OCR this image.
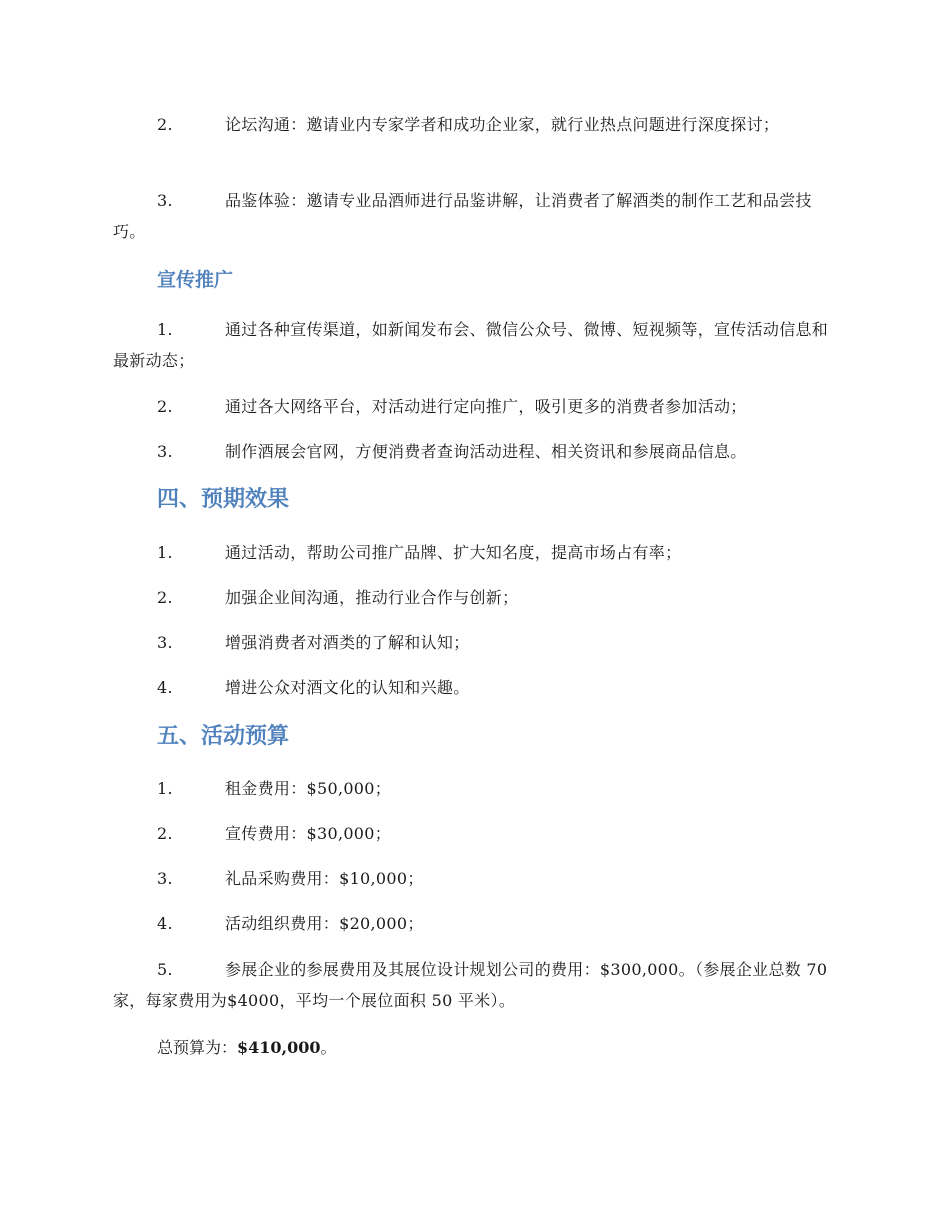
2.	论坛沟通：邀请业内专家学者和成功企业家，就行业热点问题进行深度探讨；
3.	品鉴体验：邀请专业品酒师进行品鉴讲解，让消费者了解酒类的制作工艺和品尝技巧。
宣传推广
1.	通过各种宣传渠道，如新闻发布会、微信公众号、微博、短视频等，宣传活动信息和最新动态；
2.	通过各大网络平台，对活动进行定向推广，吸引更多的消费者参加活动；
3.	制作酒展会官网，方便消费者查询活动进程、相关资讯和参展商品信息。
四、预期效果
1.	通过活动，帮助公司推广品牌、扩大知名度，提高市场占有率；
2.	加强企业间沟通，推动行业合作与创新；
3.	增强消费者对酒类的了解和认知；
4.	增进公众对酒文化的认知和兴趣。
五、活动预算
1.	租金费用：$50,000；
2.	宣传费用：$30,000；
3.	礼品采购费用：$10,000；
4.	活动组织费用：$20,000；
5.	参展企业的参展费用及其展位设计规划公司的费用：$300,000。（参展企业总数 70 家，每家费用为$4000，平均一个展位面积 50 平米）。
总预算为：$410,000。
